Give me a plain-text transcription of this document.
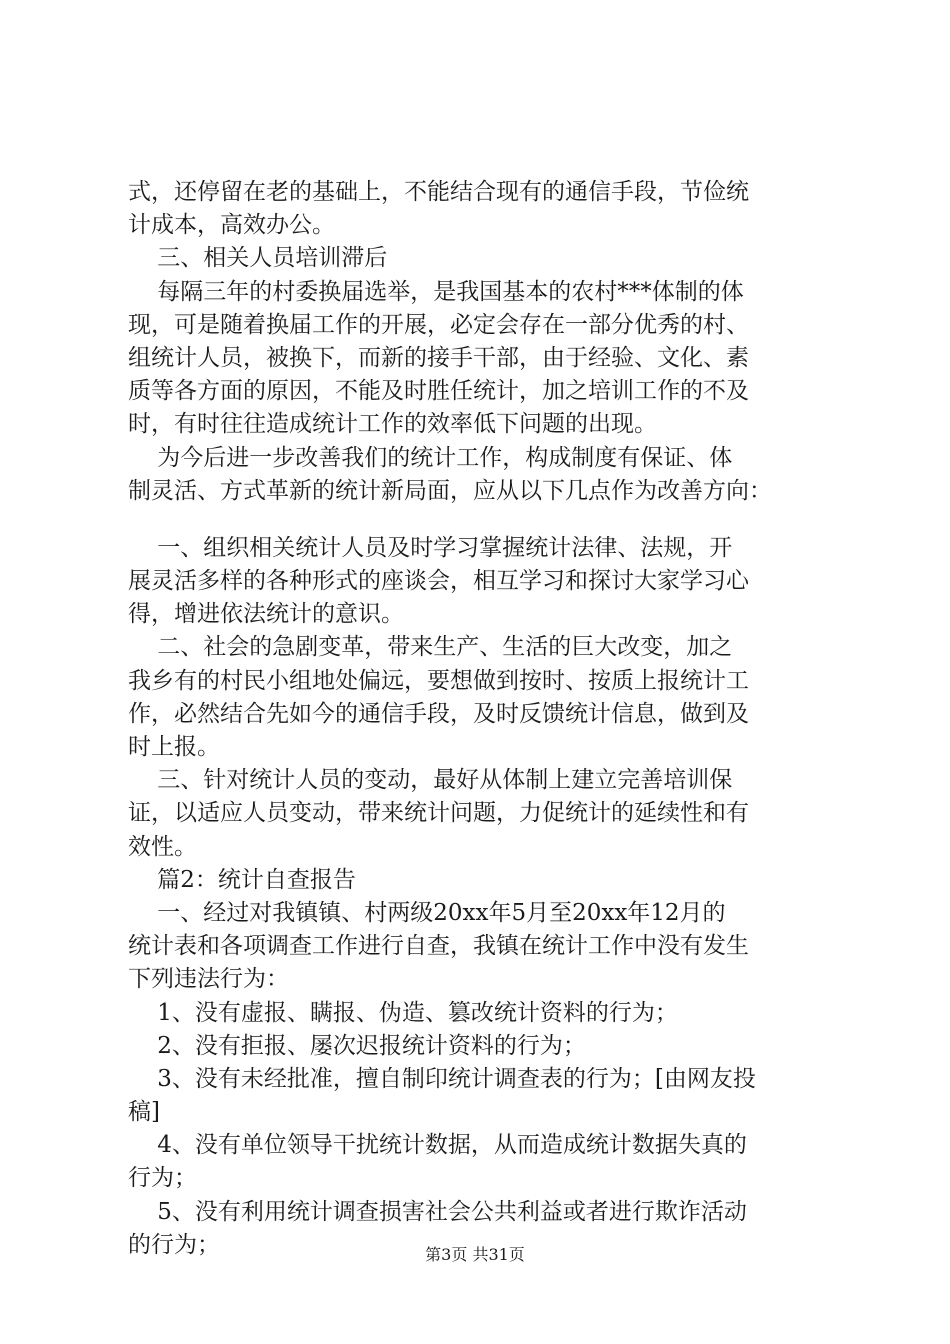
式，还停留在老的基础上，不能结合现有的通信手段，节俭统
计成本，高效办公。
三、相关人员培训滞后
每隔三年的村委换届选举，是我国基本的农村***体制的体
现，可是随着换届工作的开展，必定会存在一部分优秀的村、
组统计人员，被换下，而新的接手干部，由于经验、文化、素
质等各方面的原因，不能及时胜任统计，加之培训工作的不及
时，有时往往造成统计工作的效率低下问题的出现。
为今后进一步改善我们的统计工作，构成制度有保证、体
制灵活、方式革新的统计新局面，应从以下几点作为改善方向：
一、组织相关统计人员及时学习掌握统计法律、法规，开
展灵活多样的各种形式的座谈会，相互学习和探讨大家学习心
得，增进依法统计的意识。
二、社会的急剧变革，带来生产、生活的巨大改变，加之
我乡有的村民小组地处偏远，要想做到按时、按质上报统计工
作，必然结合先如今的通信手段，及时反馈统计信息，做到及
时上报。
三、针对统计人员的变动，最好从体制上建立完善培训保
证，以适应人员变动，带来统计问题，力促统计的延续性和有
效性。
篇2：统计自查报告
一、经过对我镇镇、村两级20xx年5月至20xx年12月的
统计表和各项调查工作进行自查，我镇在统计工作中没有发生
下列违法行为：
1、没有虚报、瞒报、伪造、篡改统计资料的行为；
2、没有拒报、屡次迟报统计资料的行为；
3、没有未经批准，擅自制印统计调查表的行为；[由网友投
稿]
4、没有单位领导干扰统计数据，从而造成统计数据失真的
行为；
5、没有利用统计调查损害社会公共利益或者进行欺诈活动
的行为；	第3页 共31页
